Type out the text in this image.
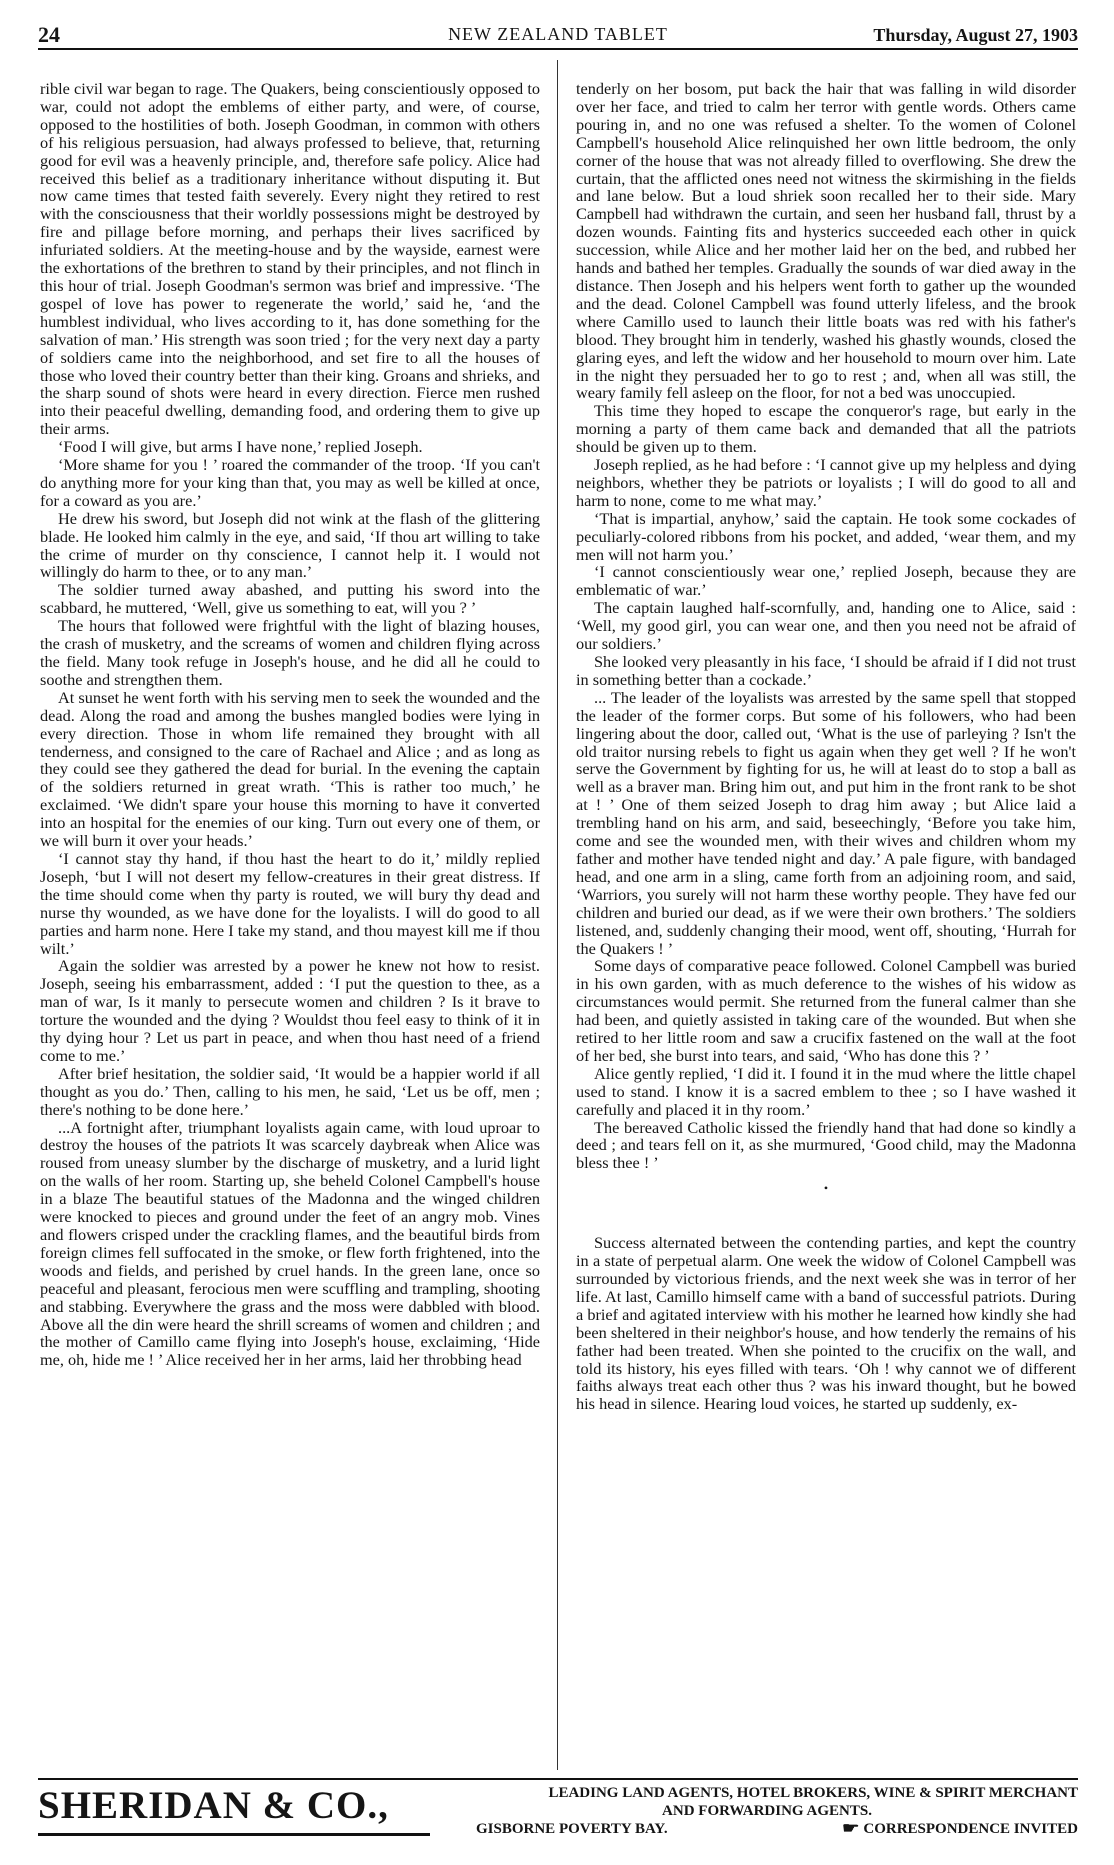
24	NEW ZEALAND TABLET	Thursday, August 27, 1903

rible civil war began to rage. The Quakers, being conscientiously opposed to war, could not adopt the emblems of either party, and were, of course, opposed to the hostilities of both. Joseph Goodman, in common with others of his religious persuasion, had always professed to believe, that, returning good for evil was a heavenly principle, and, therefore safe policy. Alice had received this belief as a traditionary inheritance without disputing it. But now came times that tested faith severely. Every night they retired to rest with the consciousness that their worldly possessions might be destroyed by fire and pillage before morning, and perhaps their lives sacrificed by infuriated soldiers. At the meeting-house and by the wayside, earnest were the exhortations of the brethren to stand by their principles, and not flinch in this hour of trial. Joseph Goodman's sermon was brief and impressive. ‘The gospel of love has power to regenerate the world,’ said he, ‘and the humblest individual, who lives according to it, has done something for the salvation of man.’ His strength was soon tried ; for the very next day a party of soldiers came into the neighborhood, and set fire to all the houses of those who loved their country better than their king. Groans and shrieks, and the sharp sound of shots were heard in every direction. Fierce men rushed into their peaceful dwelling, demanding food, and ordering them to give up their arms.

‘Food I will give, but arms I have none,’ replied Joseph.

‘More shame for you ! ’ roared the commander of the troop. ‘If you can't do anything more for your king than that, you may as well be killed at once, for a coward as you are.’

He drew his sword, but Joseph did not wink at the flash of the glittering blade. He looked him calmly in the eye, and said, ‘If thou art willing to take the crime of murder on thy conscience, I cannot help it. I would not willingly do harm to thee, or to any man.’

The soldier turned away abashed, and putting his sword into the scabbard, he muttered, ‘Well, give us something to eat, will you ? ’

The hours that followed were frightful with the light of blazing houses, the crash of musketry, and the screams of women and children flying across the field. Many took refuge in Joseph's house, and he did all he could to soothe and strengthen them.

At sunset he went forth with his serving men to seek the wounded and the dead. Along the road and among the bushes mangled bodies were lying in every direction. Those in whom life remained they brought with all tenderness, and consigned to the care of Rachael and Alice ; and as long as they could see they gathered the dead for burial. In the evening the captain of the soldiers returned in great wrath. ‘This is rather too much,’ he exclaimed. ‘We didn't spare your house this morning to have it converted into an hospital for the enemies of our king. Turn out every one of them, or we will burn it over your heads.’

‘I cannot stay thy hand, if thou hast the heart to do it,’ mildly replied Joseph, ‘but I will not desert my fellow-creatures in their great distress. If the time should come when thy party is routed, we will bury thy dead and nurse thy wounded, as we have done for the loyalists. I will do good to all parties and harm none. Here I take my stand, and thou mayest kill me if thou wilt.’

Again the soldier was arrested by a power he knew not how to resist. Joseph, seeing his embarrassment, added : ‘I put the question to thee, as a man of war, Is it manly to persecute women and children ? Is it brave to torture the wounded and the dying ? Wouldst thou feel easy to think of it in thy dying hour ? Let us part in peace, and when thou hast need of a friend come to me.’

After brief hesitation, the soldier said, ‘It would be a happier world if all thought as you do.’ Then, calling to his men, he said, ‘Let us be off, men ; there's nothing to be done here.’

...A fortnight after, triumphant loyalists again came, with loud uproar to destroy the houses of the patriots It was scarcely daybreak when Alice was roused from uneasy slumber by the discharge of musketry, and a lurid light on the walls of her room. Starting up, she beheld Colonel Campbell's house in a blaze The beautiful statues of the Madonna and the winged children were knocked to pieces and ground under the feet of an angry mob. Vines and flowers crisped under the crackling flames, and the beautiful birds from foreign climes fell suffocated in the smoke, or flew forth frightened, into the woods and fields, and perished by cruel hands. In the green lane, once so peaceful and pleasant, ferocious men were scuffling and trampling, shooting and stabbing. Everywhere the grass and the moss were dabbled with blood. Above all the din were heard the shrill screams of women and children ; and the mother of Camillo came flying into Joseph's house, exclaiming, ‘Hide me, oh, hide me ! ’ Alice received her in her arms, laid her throbbing head

tenderly on her bosom, put back the hair that was falling in wild disorder over her face, and tried to calm her terror with gentle words. Others came pouring in, and no one was refused a shelter. To the women of Colonel Campbell's household Alice relinquished her own little bedroom, the only corner of the house that was not already filled to overflowing. She drew the curtain, that the afflicted ones need not witness the skirmishing in the fields and lane below. But a loud shriek soon recalled her to their side. Mary Campbell had withdrawn the curtain, and seen her husband fall, thrust by a dozen wounds. Fainting fits and hysterics succeeded each other in quick succession, while Alice and her mother laid her on the bed, and rubbed her hands and bathed her temples. Gradually the sounds of war died away in the distance. Then Joseph and his helpers went forth to gather up the wounded and the dead. Colonel Campbell was found utterly lifeless, and the brook where Camillo used to launch their little boats was red with his father's blood. They brought him in tenderly, washed his ghastly wounds, closed the glaring eyes, and left the widow and her household to mourn over him. Late in the night they persuaded her to go to rest ; and, when all was still, the weary family fell asleep on the floor, for not a bed was unoccupied.

This time they hoped to escape the conqueror's rage, but early in the morning a party of them came back and demanded that all the patriots should be given up to them.

Joseph replied, as he had before : ‘I cannot give up my helpless and dying neighbors, whether they be patriots or loyalists ; I will do good to all and harm to none, come to me what may.’

‘That is impartial, anyhow,’ said the captain. He took some cockades of peculiarly-colored ribbons from his pocket, and added, ‘wear them, and my men will not harm you.’

‘I cannot conscientiously wear one,’ replied Joseph, because they are emblematic of war.’

The captain laughed half-scornfully, and, handing one to Alice, said : ‘Well, my good girl, you can wear one, and then you need not be afraid of our soldiers.’

She looked very pleasantly in his face, ‘I should be afraid if I did not trust in something better than a cockade.’

... The leader of the loyalists was arrested by the same spell that stopped the leader of the former corps. But some of his followers, who had been lingering about the door, called out, ‘What is the use of parleying ? Isn't the old traitor nursing rebels to fight us again when they get well ? If he won't serve the Government by fighting for us, he will at least do to stop a ball as well as a braver man. Bring him out, and put him in the front rank to be shot at ! ’ One of them seized Joseph to drag him away ; but Alice laid a trembling hand on his arm, and said, beseechingly, ‘Before you take him, come and see the wounded men, with their wives and children whom my father and mother have tended night and day.’ A pale figure, with bandaged head, and one arm in a sling, came forth from an adjoining room, and said, ‘Warriors, you surely will not harm these worthy people. They have fed our children and buried our dead, as if we were their own brothers.’ The soldiers listened, and, suddenly changing their mood, went off, shouting, ‘Hurrah for the Quakers ! ’

Some days of comparative peace followed. Colonel Campbell was buried in his own garden, with as much deference to the wishes of his widow as circumstances would permit. She returned from the funeral calmer than she had been, and quietly assisted in taking care of the wounded. But when she retired to her little room and saw a crucifix fastened on the wall at the foot of her bed, she burst into tears, and said, ‘Who has done this ? ’

Alice gently replied, ‘I did it. I found it in the mud where the little chapel used to stand. I know it is a sacred emblem to thee ; so I have washed it carefully and placed it in thy room.’

The bereaved Catholic kissed the friendly hand that had done so kindly a deed ; and tears fell on it, as she murmured, ‘Good child, may the Madonna bless thee ! ’

•

Success alternated between the contending parties, and kept the country in a state of perpetual alarm. One week the widow of Colonel Campbell was surrounded by victorious friends, and the next week she was in terror of her life. At last, Camillo himself came with a band of successful patriots. During a brief and agitated interview with his mother he learned how kindly she had been sheltered in their neighbor's house, and how tenderly the remains of his father had been treated. When she pointed to the crucifix on the wall, and told its history, his eyes filled with tears. ‘Oh ! why cannot we of different faiths always treat each other thus ? was his inward thought, but he bowed his head in silence. Hearing loud voices, he started up suddenly, ex-

SHERIDAN & CO.,	LEADING LAND AGENTS, HOTEL BROKERS, WINE & SPIRIT MERCHANT
AND FORWARDING AGENTS.
GISBORNE POVERTY BAY.	☛ CORRESPONDENCE INVITED
